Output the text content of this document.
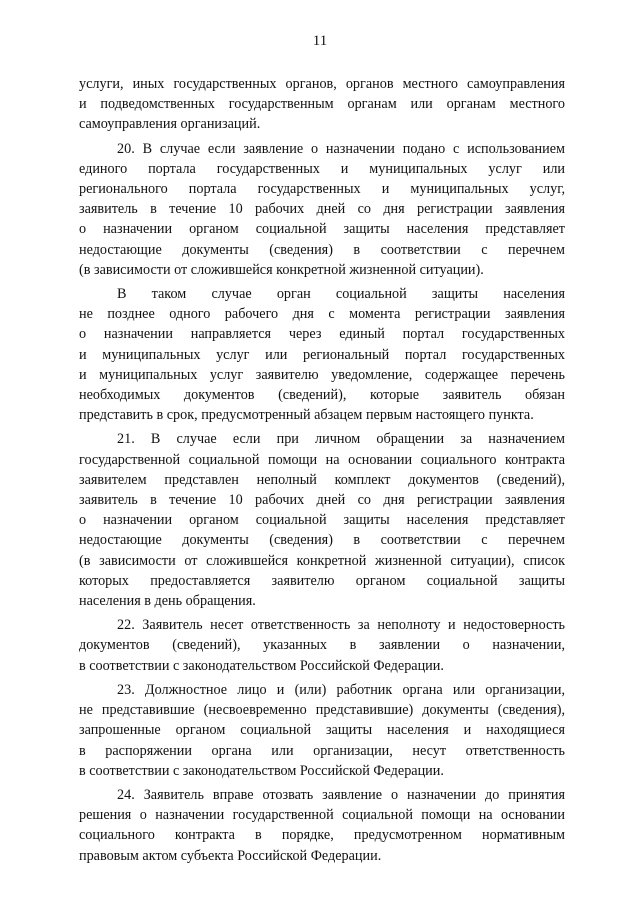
11
услуги, иных государственных органов, органов местного самоуправления
и подведомственных государственным органам или органам местного
самоуправления организаций.
20. В случае если заявление о назначении подано с использованием
единого портала государственных и муниципальных услуг или
регионального портала государственных и муниципальных услуг,
заявитель в течение 10 рабочих дней со дня регистрации заявления
о назначении органом социальной защиты населения представляет
недостающие документы (сведения) в соответствии с перечнем
(в зависимости от сложившейся конкретной жизненной ситуации).
В таком случае орган социальной защиты населения
не позднее одного рабочего дня с момента регистрации заявления
о назначении направляется через единый портал государственных
и муниципальных услуг или региональный портал государственных
и муниципальных услуг заявителю уведомление, содержащее перечень
необходимых документов (сведений), которые заявитель обязан
представить в срок, предусмотренный абзацем первым настоящего пункта.
21. В случае если при личном обращении за назначением
государственной социальной помощи на основании социального контракта
заявителем представлен неполный комплект документов (сведений),
заявитель в течение 10 рабочих дней со дня регистрации заявления
о назначении органом социальной защиты населения представляет
недостающие документы (сведения) в соответствии с перечнем
(в зависимости от сложившейся конкретной жизненной ситуации), список
которых предоставляется заявителю органом социальной защиты
населения в день обращения.
22. Заявитель несет ответственность за неполноту и недостоверность
документов (сведений), указанных в заявлении о назначении,
в соответствии с законодательством Российской Федерации.
23. Должностное лицо и (или) работник органа или организации,
не представившие (несвоевременно представившие) документы (сведения),
запрошенные органом социальной защиты населения и находящиеся
в распоряжении органа или организации, несут ответственность
в соответствии с законодательством Российской Федерации.
24. Заявитель вправе отозвать заявление о назначении до принятия
решения о назначении государственной социальной помощи на основании
социального контракта в порядке, предусмотренном нормативным
правовым актом субъекта Российской Федерации.
